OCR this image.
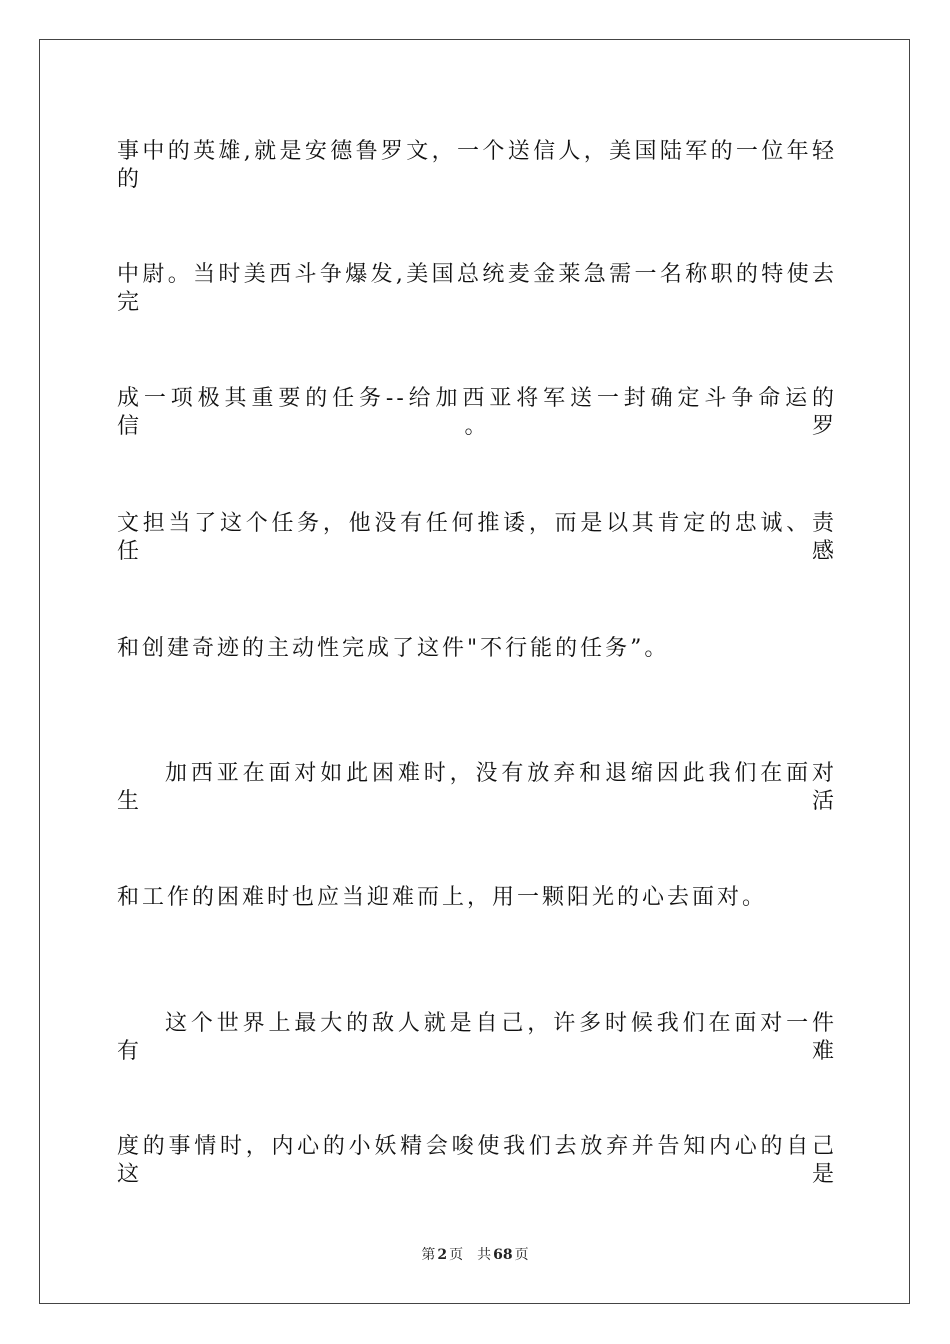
事中的英雄,就是安德鲁罗文，一个送信人，美国陆军的一位年轻的
中尉。当时美西斗争爆发,美国总统麦金莱急需一名称职的特使去完
成一项极其重要的任务--给加西亚将军送一封确定斗争命运的信。罗
文担当了这个任务，他没有任何推诿，而是以其肯定的忠诚、责任感
和创建奇迹的主动性完成了这件"不行能的任务”。
加西亚在面对如此困难时，没有放弃和退缩因此我们在面对生活
和工作的困难时也应当迎难而上，用一颗阳光的心去面对。
这个世界上最大的敌人就是自己，许多时候我们在面对一件有难
度的事情时，内心的小妖精会唆使我们去放弃并告知内心的自己这是
第 2 页 共 68 页
